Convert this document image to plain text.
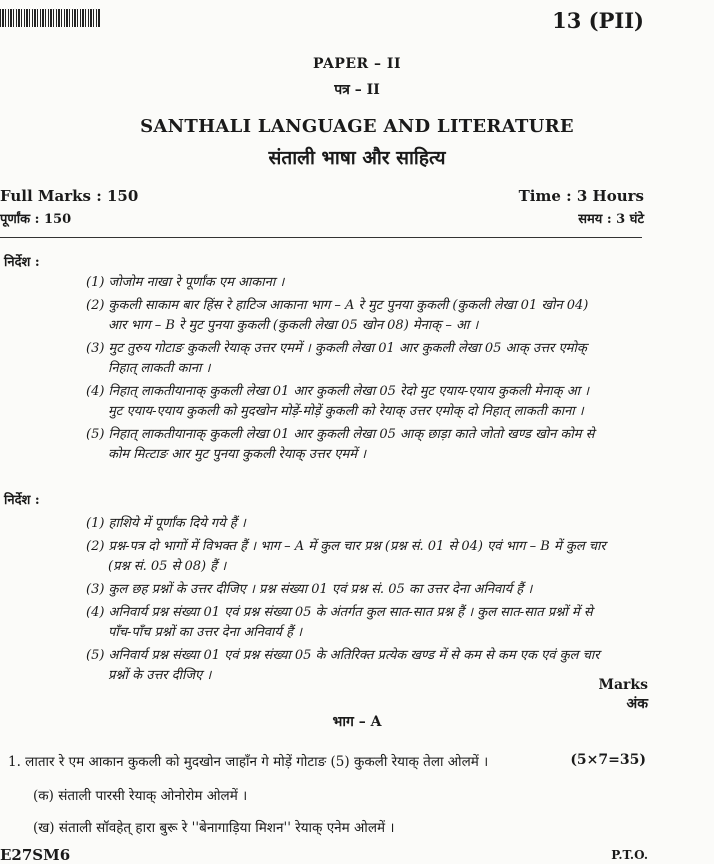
13 (PII)
PAPER – II
पत्र – II
SANTHALI LANGUAGE AND LITERATURE
संताली भाषा और साहित्य
Full Marks : 150
पूर्णांक : 150
Time : 3 Hours
समय : 3 घंटे
निर्देश :
(1) जोजोम नाखा रे पूर्णांक एम आकाना ।
(2) कुकली साकाम बार हिंस रे हाटिञ आकाना भाग – A रे मुट पुनया कुकली (कुकली लेखा 01 खोन 04) आर भाग – B रे मुट पुनया कुकली (कुकली लेखा 05 खोन 08) मेनाक् – आ ।
(3) मुट तुरुय गोटाङ कुकली रेयाक् उत्तर एममें । कुकली लेखा 01 आर कुकली लेखा 05 आक् उत्तर एमोक् निहात् लाकती काना ।
(4) निहात् लाकतीयानाक् कुकली लेखा 01 आर कुकली लेखा 05 रेदो मुट एयाय-एयाय कुकली मेनाक् आ । मुट एयाय-एयाय कुकली को मुदखोन मोड़ें-मोड़ें कुकली को रेयाक् उत्तर एमोक् दो निहात् लाकती काना ।
(5) निहात् लाकतीयानाक् कुकली लेखा 01 आर कुकली लेखा 05 आक् छाड़ा काते जोतो खण्ड खोन कोम से कोम मित्टाङ आर मुट पुनया कुकली रेयाक् उत्तर एममें ।
निर्देश :
(1) हाशिये में पूर्णांक दिये गये हैं ।
(2) प्रश्न-पत्र दो भागों में विभक्त हैं । भाग – A में कुल चार प्रश्न (प्रश्न सं. 01 से 04) एवं भाग – B में कुल चार (प्रश्न सं. 05 से 08) हैं ।
(3) कुल छह प्रश्नों के उत्तर दीजिए । प्रश्न संख्या 01 एवं प्रश्न सं. 05 का उत्तर देना अनिवार्य हैं ।
(4) अनिवार्य प्रश्न संख्या 01 एवं प्रश्न संख्या 05 के अंतर्गत कुल सात-सात प्रश्न हैं । कुल सात-सात प्रश्नों में से पाँच-पाँच प्रश्नों का उत्तर देना अनिवार्य हैं ।
(5) अनिवार्य प्रश्न संख्या 01 एवं प्रश्न संख्या 05 के अतिरिक्त प्रत्येक खण्ड में से कम से कम एक एवं कुल चार प्रश्नों के उत्तर दीजिए ।
Marks
अंक
भाग – A
1. लातार रे एम आकान कुकली को मुदखोन जाहाँन गे मोड़ें गोटाङ (5) कुकली रेयाक् तेला ओलमें ।	(5×7=35)
(क) संताली पारसी रेयाक् ओनोरोम ओलमें ।
(ख) संताली सॉवहेत् हारा बुरू रे ''बेनागाड़िया मिशन'' रेयाक् एनेम ओलमें ।
E27SM6	P.T.O.
